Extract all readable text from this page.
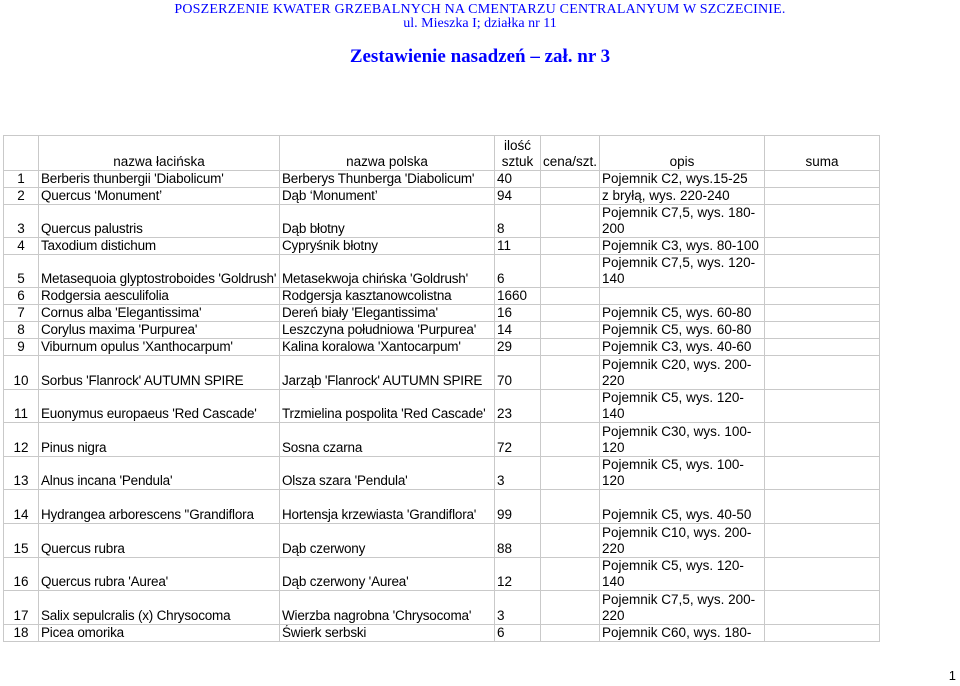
POSZERZENIE KWATER GRZEBALNYCH NA CMENTARZU CENTRALANYUM W SZCZECINIE.
ul. Mieszka I; działka nr 11
Zestawienie nasadzeń – zał. nr 3
	nazwa łacińska	nazwa polska	ilość sztuk	cena/szt.	opis	suma
1	Berberis thunbergii 'Diabolicum'	Berberys Thunberga 'Diabolicum'	40		Pojemnik C2, wys.15-25	
2	Quercus ‘Monument’	Dąb ‘Monument’	94		z bryłą, wys. 220-240	
3	Quercus palustris	Dąb błotny	8		Pojemnik C7,5, wys. 180-200	
4	Taxodium distichum	Cypryśnik błotny	11		Pojemnik C3, wys. 80-100	
5	Metasequoia glyptostroboides 'Goldrush'	Metasekwoja chińska 'Goldrush'	6		Pojemnik C7,5, wys. 120-140	
6	Rodgersia aesculifolia	Rodgersja kasztanowcolistna	1660			
7	Cornus alba 'Elegantissima'	Dereń biały 'Elegantissima'	16		Pojemnik C5, wys. 60-80	
8	Corylus maxima 'Purpurea'	Leszczyna południowa 'Purpurea'	14		Pojemnik C5, wys. 60-80	
9	Viburnum opulus 'Xanthocarpum'	Kalina koralowa 'Xantocarpum'	29		Pojemnik C3, wys. 40-60	
10	Sorbus 'Flanrock' AUTUMN SPIRE	Jarząb 'Flanrock' AUTUMN SPIRE	70		Pojemnik C20, wys. 200-220	
11	Euonymus europaeus 'Red Cascade'	Trzmielina pospolita 'Red Cascade'	23		Pojemnik C5, wys. 120-140	
12	Pinus nigra	Sosna czarna	72		Pojemnik C30, wys. 100-120	
13	Alnus incana 'Pendula'	Olsza szara 'Pendula'	3		Pojemnik C5, wys. 100-120	
14	Hydrangea arborescens ''Grandiflora	Hortensja krzewiasta 'Grandiflora'	99		Pojemnik C5, wys. 40-50	
15	Quercus rubra	Dąb czerwony	88		Pojemnik C10, wys. 200-220	
16	Quercus rubra 'Aurea'	Dąb czerwony 'Aurea'	12		Pojemnik C5, wys. 120-140	
17	Salix sepulcralis (x) Chrysocoma	Wierzba nagrobna 'Chrysocoma'	3		Pojemnik C7,5, wys. 200-220	
18	Picea omorika	Świerk serbski	6		Pojemnik C60, wys. 180-	
1
